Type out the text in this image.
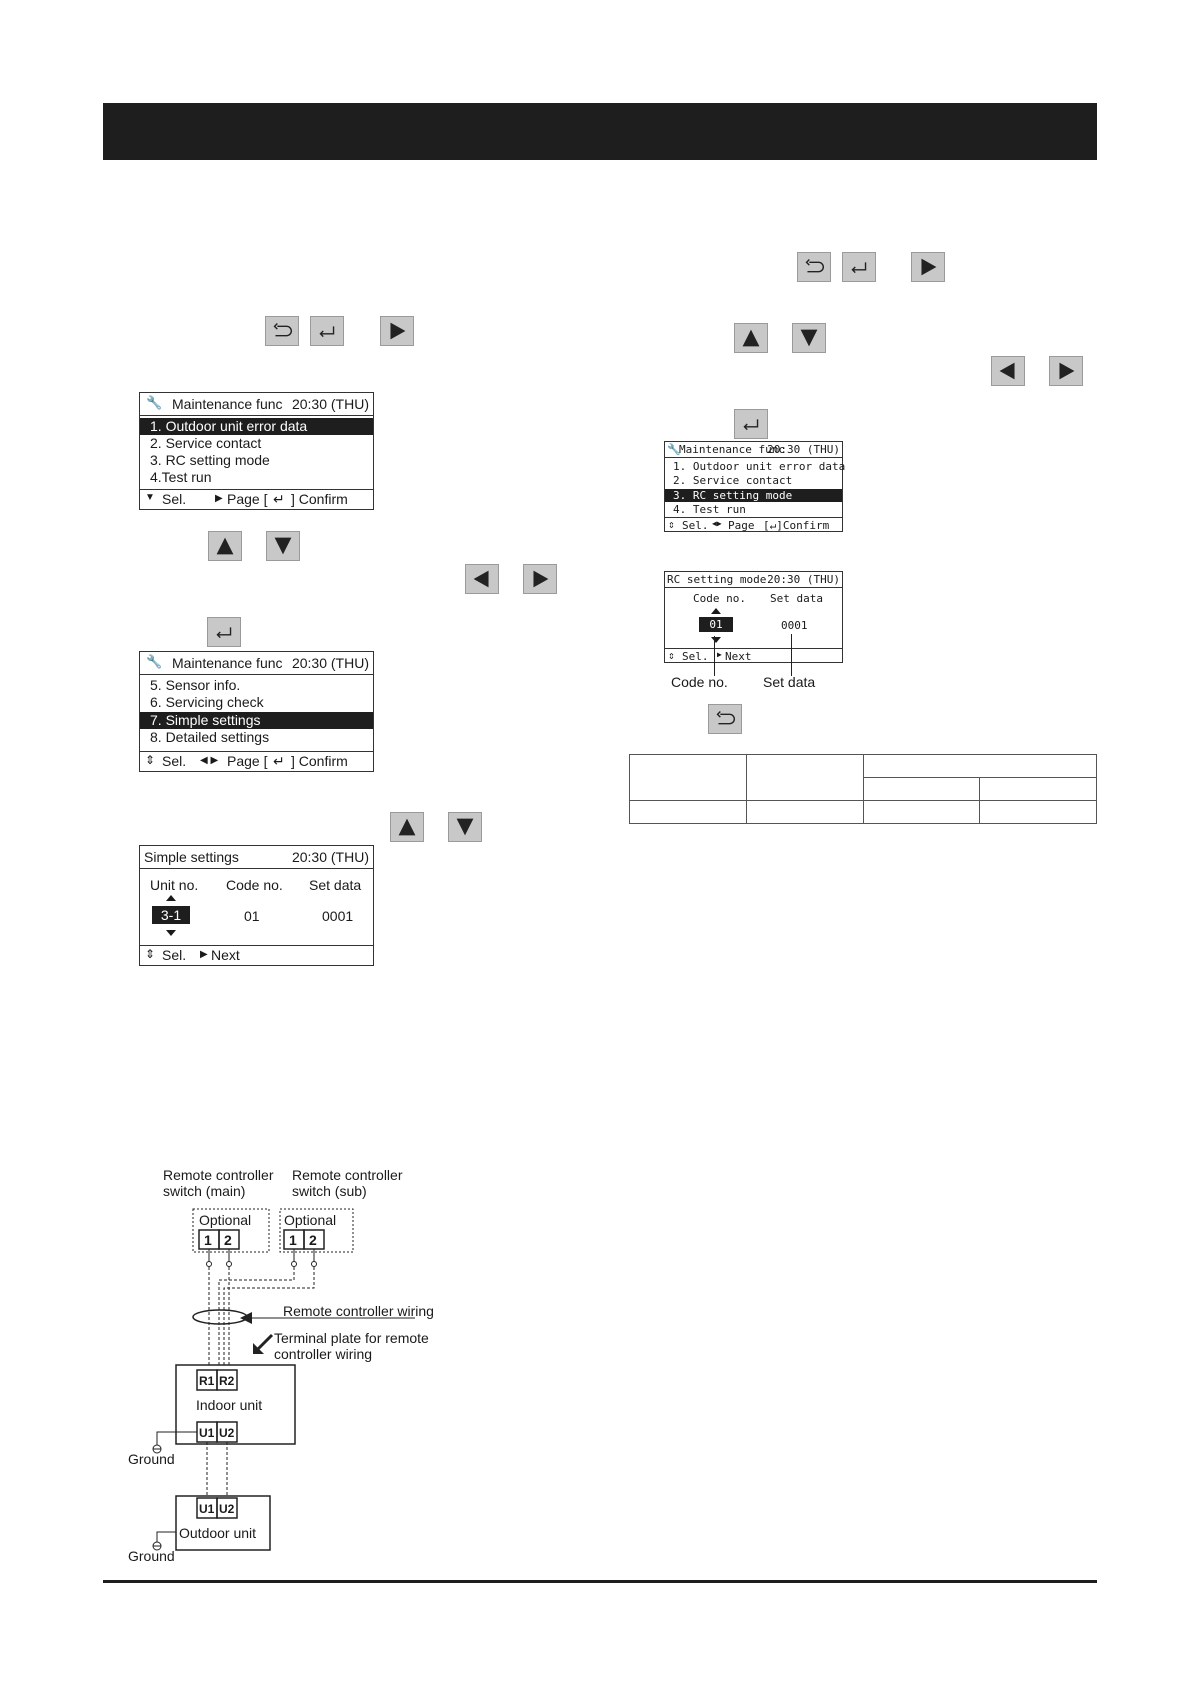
🔧 Maintenance func 20:30 (THU)
1. Outdoor unit error data
2. Service contact
3. RC setting mode
4.Test run
▼ Sel.	▶ Page [ ↵ ] Confirm
🔧 Maintenance func 20:30 (THU)
5. Sensor info.
6. Servicing check
7. Simple settings
8. Detailed settings
⇕ Sel. ◀ ▶ Page [ ↵ ] Confirm
Simple settings	20:30 (THU)
Unit no. Code no. Set data
3-1	01	0001
⇕ Sel. ▶ Next
Remote controller
switch (main)
Remote controller
switch (sub)
Optional Optional
1 2	1 2
Remote controller wiring
Terminal plate for remote
controller wiring
R1 R2
Indoor unit
U1 U2
Ground
U1 U2
Outdoor unit
Ground
🔧
Maintenance func
20:30 (THU)
1. Outdoor unit error data
2. Service contact
3. RC setting mode
4. Test run
⇕ Sel. ◀▶ Page [↵]Confirm
RC setting mode 20:30 (THU)
Code no. Set data
01	0001
⇕ Sel. ▶ Next
Code no.	Set data
